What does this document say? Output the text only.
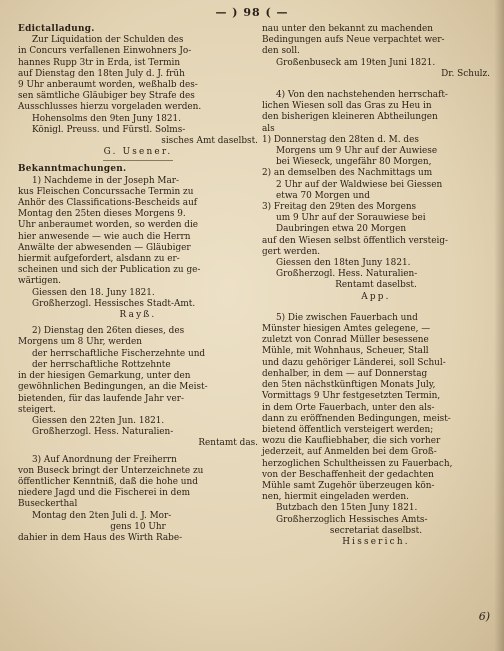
— ) 98 ( —

Edictalladung.

Zur Liquidation der Schulden des

in Concurs verfallenen Einwohners Jo-

hannes Rupp 3tr in Erda, ist Termin

auf Dienstag den 18ten July d. J. früh

9 Uhr anberaumt worden, weßhalb des-

sen sämtliche Gläubiger bey Strafe des

Ausschlusses hierzu vorgeladen werden.

Hohensolms den 9ten Juny 1821.

Königl. Preuss. und Fürstl. Solms-

sisches Amt daselbst.

G. Usener.

Bekanntmachungen.

1) Nachdeme in der Joseph Mar-

kus Fleischen Concurssache Termin zu

Anhör des Classifications-Bescheids auf

Montag den 25ten dieses Morgens 9.

Uhr anberaumet worden, so werden die

hier anwesende — wie auch die Herrn

Anwälte der abwesenden — Gläubiger

hiermit aufgefordert, alsdann zu er-

scheinen und sich der Publication zu ge-

wärtigen.

Giessen den 18. Juny 1821.

Großherzogl. Hessisches Stadt-Amt.

Rayß.

2) Dienstag den 26ten dieses, des

Morgens um 8 Uhr, werden

der herrschaftliche Fischerzehnte und

der herrschaftliche Rottzehnte

in der hiesigen Gemarkung, unter den

gewöhnlichen Bedingungen, an die Meist-

bietenden, für das laufende Jahr ver-

steigert.

Giessen den 22ten Jun. 1821.

Großherzogl. Hess. Naturalien-

Rentamt das.

3) Auf Anordnung der Freiherrn

von Buseck bringt der Unterzeichnete zu

öffentlicher Kenntniß, daß die hohe und

niedere Jagd und die Fischerei in dem

Buseckerthal

Montag den 2ten Juli d. J. Mor-

gens 10 Uhr

dahier in dem Haus des Wirth Rabe-

nau unter den bekannt zu machenden

Bedingungen aufs Neue verpachtet wer-

den soll.

Großenbuseck am 19ten Juni 1821.

Dr. Schulz.

4) Von den nachstehenden herrschaft-

lichen Wiesen soll das Gras zu Heu in

den bisherigen kleineren Abtheilungen

als

1) Donnerstag den 28ten d. M. des

Morgens um 9 Uhr auf der Auwiese

bei Wieseck, ungefähr 80 Morgen,

2) an demselben des Nachmittags um

2 Uhr auf der Waldwiese bei Giessen

etwa 70 Morgen und

3) Freitag den 29ten des Morgens

um 9 Uhr auf der Sorauwiese bei

Daubringen etwa 20 Morgen

auf den Wiesen selbst öffentlich versteig-

gert werden.

Giessen den 18ten Juny 1821.

Großherzogl. Hess. Naturalien-

Rentamt daselbst.

App.

5) Die zwischen Fauerbach und

Münster hiesigen Amtes gelegene, —

zuletzt von Conrad Müller besessene

Mühle, mit Wohnhaus, Scheuer, Stall

und dazu gehöriger Länderei, soll Schul-

denhalber, in dem — auf Donnerstag

den 5ten nächstkünftigen Monats July,

Vormittags 9 Uhr festgesetzten Termin,

in dem Orte Fauerbach, unter den als-

dann zu eröffnenden Bedingungen, meist-

bietend öffentlich versteigert werden;

wozu die Kaufliebhaber, die sich vorher

jederzeit, auf Anmelden bei dem Groß-

herzoglichen Schultheissen zu Fauerbach,

von der Beschaffenheit der gedachten

Mühle samt Zugehör überzeugen kön-

nen, hiermit eingeladen werden.

Butzbach den 15ten Juny 1821.

Großherzoglich Hessisches Amts-

secretariat daselbst.

Hisserich.

6)
